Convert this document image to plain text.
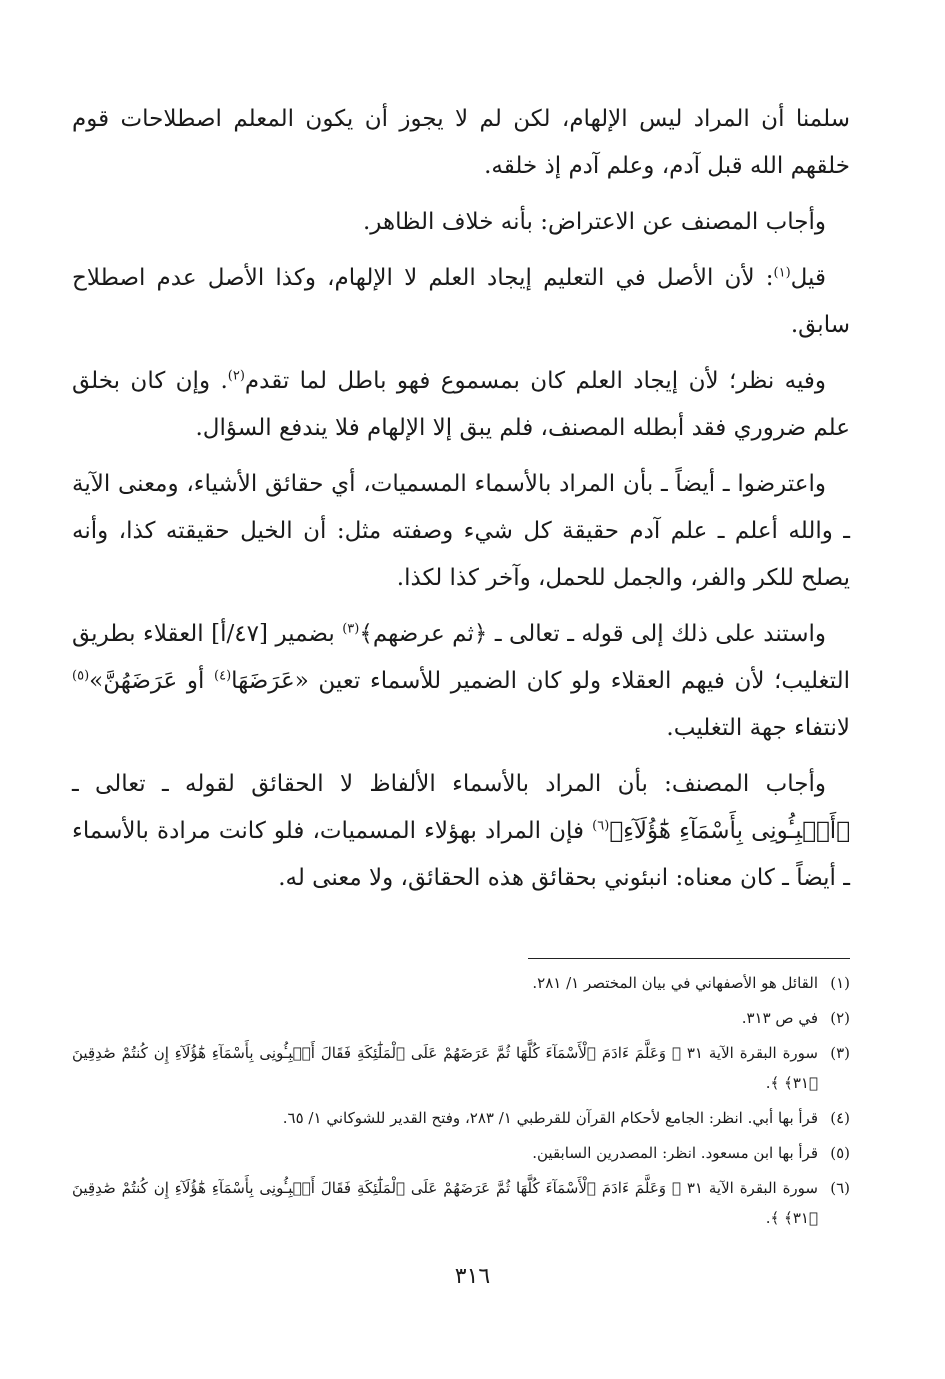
سلمنا أن المراد ليس الإلهام، لكن لم لا يجوز أن يكون المعلم اصطلاحات قوم خلقهم الله قبل آدم، وعلم آدم إذ خلقه.

وأجاب المصنف عن الاعتراض: بأنه خلاف الظاهر.

قيل$^{(١)}$: لأن الأصل في التعليم إيجاد العلم لا الإلهام، وكذا الأصل عدم اصطلاح سابق.

وفيه نظر؛ لأن إيجاد العلم كان بمسموع فهو باطل لما تقدم$^{(٢)}$. وإن كان بخلق علم ضروري فقد أبطله المصنف، فلم يبق إلا الإلهام فلا يندفع السؤال.

واعترضوا ـ أيضاً ـ بأن المراد بالأسماء المسميات، أي حقائق الأشياء، ومعنى الآية ـ والله أعلم ـ علم آدم حقيقة كل شيء وصفته مثل: أن الخيل حقيقته كذا، وأنه يصلح للكر والفر، والجمل للحمل، وآخر كذا لكذا.

واستند على ذلك إلى قوله ـ تعالى ـ ﴿ثم عرضهم﴾$^{(٣)}$ بضمير [٤٧/أ] العقلاء بطريق التغليب؛ لأن فيهم العقلاء ولو كان الضمير للأسماء تعين «عَرَضَهَا$^{(٤)}$ أو عَرَضَهُنَّ»$^{(٥)}$ لانتفاء جهة التغليب.

وأجاب المصنف: بأن المراد بالأسماء الألفاظ لا الحقائق لقوله ـ تعالى ـ ﴿أَنۢبِـُٔونِى بِأَسْمَآءِ هَٰٓؤُلَآءِ﴾$^{(٦)}$ فإن المراد بهؤلاء المسميات، فلو كانت مرادة بالأسماء ـ أيضاً ـ كان معناه: انبئوني بحقائق هذه الحقائق، ولا معنى له.

(١)
القائل هو الأصفهاني في بيان المختصر ١/ ٢٨١.
(٢)
في ص ٣١٣.
(٣)
سورة البقرة الآية ٣١ ﴿ وَعَلَّمَ ءَادَمَ ٱلْأَسْمَآءَ كُلَّهَا ثُمَّ عَرَضَهُمْ عَلَى ٱلْمَلَٰٓئِكَةِ فَقَالَ أَنۢبِـُٔونِى بِأَسْمَآءِ هَٰٓؤُلَآءِ إِن كُنتُمْ صَٰدِقِينَ ﴿٣١﴾ ﴾.
(٤)
قرأ بها أبي. انظر: الجامع لأحكام القرآن للقرطبي ١/ ٢٨٣، وفتح القدير للشوكاني ١/ ٦٥.
(٥)
قرأ بها ابن مسعود. انظر: المصدرين السابقين.
(٦)
سورة البقرة الآية ٣١ ﴿ وَعَلَّمَ ءَادَمَ ٱلْأَسْمَآءَ كُلَّهَا ثُمَّ عَرَضَهُمْ عَلَى ٱلْمَلَٰٓئِكَةِ فَقَالَ أَنۢبِـُٔونِى بِأَسْمَآءِ هَٰٓؤُلَآءِ إِن كُنتُمْ صَٰدِقِينَ ﴿٣١﴾ ﴾.
٣١٦
